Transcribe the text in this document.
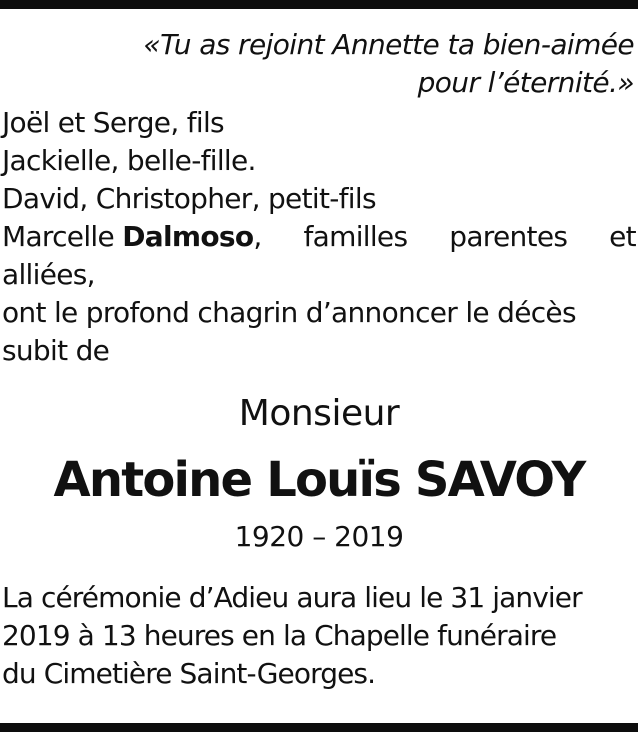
«Tu as rejoint Annette ta bien-aimée
pour l’éternité.»
Joël et Serge, fils
Jackielle, belle-fille.
David, Christopher, petit-fils
Marcelle Dalmoso, familles parentes et
alliées,
ont le profond chagrin d’annoncer le décès
subit de
Monsieur
Antoine Louïs SAVOY
1920 – 2019
La cérémonie d’Adieu aura lieu le 31 janvier
2019 à 13 heures en la Chapelle funéraire
du Cimetière Saint-Georges.
